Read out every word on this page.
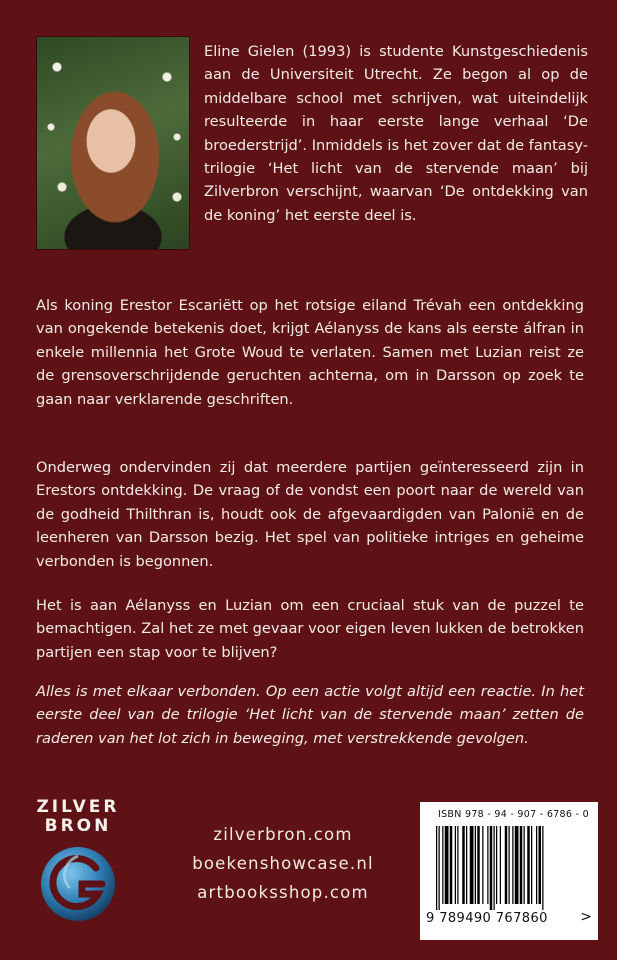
Eline Gielen (1993) is studente Kunstgeschiedenis aan de Universiteit Utrecht. Ze begon al op de middelbare school met schrijven, wat uiteindelijk resulteerde in haar eerste lange verhaal ‘De broederstrijd’. Inmiddels is het zover dat de fantasy-trilogie ‘Het licht van de stervende maan’ bij Zilverbron verschijnt, waarvan ‘De ontdekking van de koning’ het eerste deel is.

Als koning Erestor Escariëtt op het rotsige eiland Trévah een ontdekking van ongekende betekenis doet, krijgt Aélanyss de kans als eerste álfran in enkele millennia het Grote Woud te verlaten. Samen met Luzian reist ze de grensoverschrijdende geruchten achterna, om in Darsson op zoek te gaan naar verklarende geschriften.

Onderweg ondervinden zij dat meerdere partijen geïnteresseerd zijn in Erestors ontdekking. De vraag of de vondst een poort naar de wereld van de godheid Thilthran is, houdt ook de afgevaardigden van Palonië en de leenheren van Darsson bezig. Het spel van politieke intriges en geheime verbonden is begonnen.

Het is aan Aélanyss en Luzian om een cruciaal stuk van de puzzel te bemachtigen. Zal het ze met gevaar voor eigen leven lukken de betrokken partijen een stap voor te blijven?

Alles is met elkaar verbonden. Op een actie volgt altijd een reactie. In het eerste deel van de trilogie ‘Het licht van de stervende maan’ zetten de raderen van het lot zich in beweging, met verstrekkende gevolgen.

ZILVER
BRON	zilverbron.com
boekenshowcase.nl
artbooksshop.com
ISBN 978 - 94 - 907 - 6786 - 0
9 789490 767860 >
